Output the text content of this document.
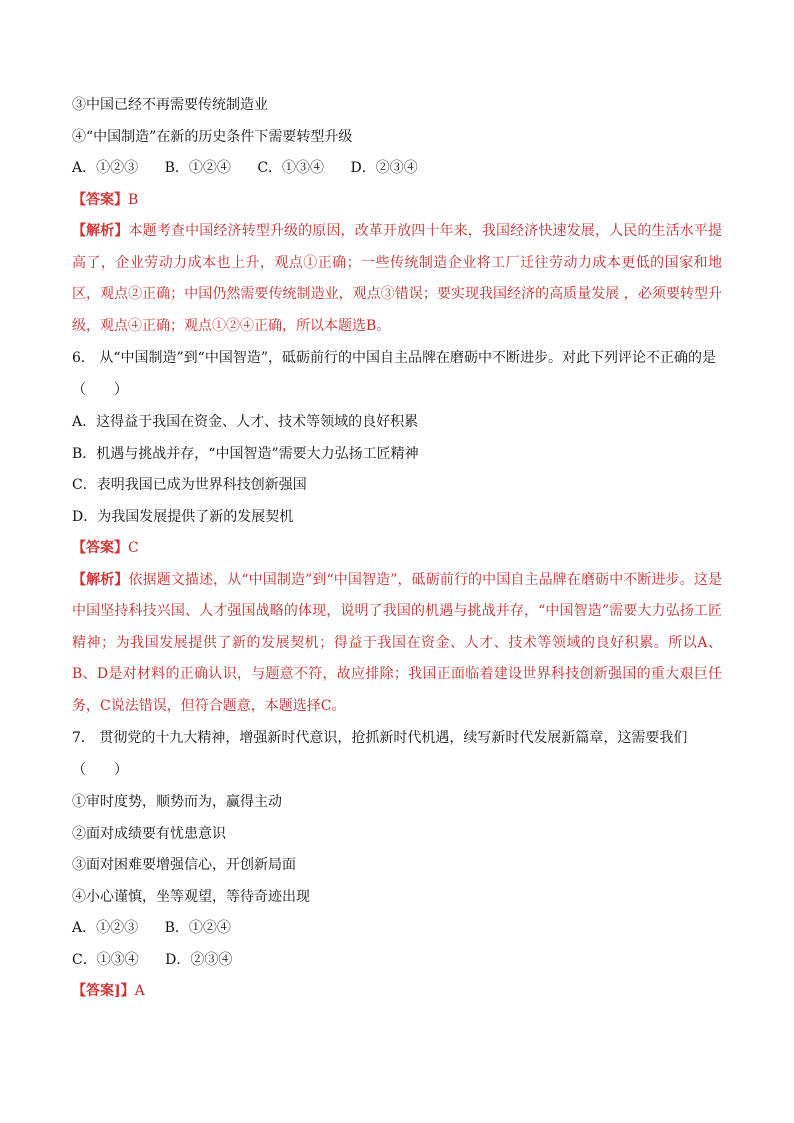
③中国已经不再需要传统制造业

④“中国制造”在新的历史条件下需要转型升级

A．①②③ B．①②④ C．①③④ D．②③④

【答案】B

【解析】本题考查中国经济转型升级的原因，改革开放四十年来，我国经济快速发展，人民的生活水平提高了，企业劳动力成本也上升，观点①正确；一些传统制造企业将工厂迁往劳动力成本更低的国家和地区，观点②正确；中国仍然需要传统制造业，观点③错误；要实现我国经济的高质量发展 ，必须要转型升级，观点④正确；观点①②④正确，所以本题选B。

6． 从“中国制造”到“中国智造”，砥砺前行的中国自主品牌在磨砺中不断进步。对此下列评论不正确的是（　　）

A．这得益于我国在资金、人才、技术等领域的良好积累

B．机遇与挑战并存，“中国智造”需要大力弘扬工匠精神

C．表明我国已成为世界科技创新强国

D．为我国发展提供了新的发展契机

【答案】C

【解析】依据题文描述，从“中国制造”到“中国智造”，砥砺前行的中国自主品牌在磨砺中不断进步。这是中国坚持科技兴国、人才强国战略的体现，说明了我国的机遇与挑战并存，“中国智造”需要大力弘扬工匠精神；为我国发展提供了新的发展契机；得益于我国在资金、人才、技术等领域的良好积累。所以A、B、D是对材料的正确认识，与题意不符，故应排除；我国正面临着建设世界科技创新强国的重大艰巨任务，C说法错误，但符合题意，本题选择C。

7． 贯彻党的十九大精神，增强新时代意识，抢抓新时代机遇，续写新时代发展新篇章，这需要我们（　　）

①审时度势，顺势而为，赢得主动

②面对成绩要有忧患意识

③面对困难要增强信心，开创新局面

④小心谨慎，坐等观望，等待奇迹出现

A．①②③ B．①②④

C．①③④ D．②③④

【答案]】A
